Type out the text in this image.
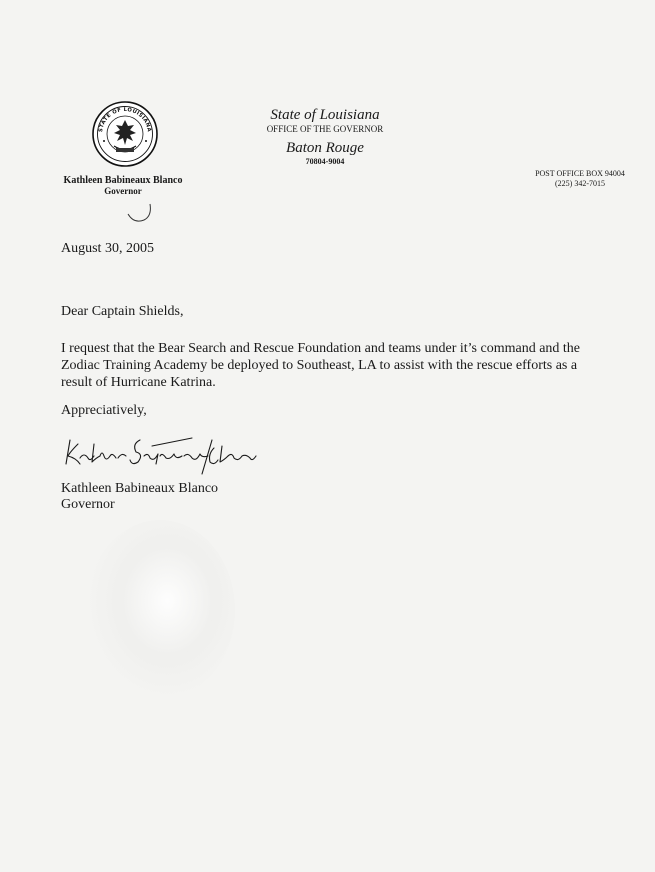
STATE OF LOUISIANA
Kathleen Babineaux Blanco
Governor
State of Louisiana
OFFICE OF THE GOVERNOR
Baton Rouge
70804-9004
POST OFFICE BOX 94004
(225) 342-7015
August 30, 2005
Dear Captain Shields,
I request that the Bear Search and Rescue Foundation and teams under it’s command and the
Zodiac Training Academy be deployed to Southeast, LA to assist with the rescue efforts as a
result of Hurricane Katrina.
Appreciatively,
Kathleen Babineaux Blanco
Governor
